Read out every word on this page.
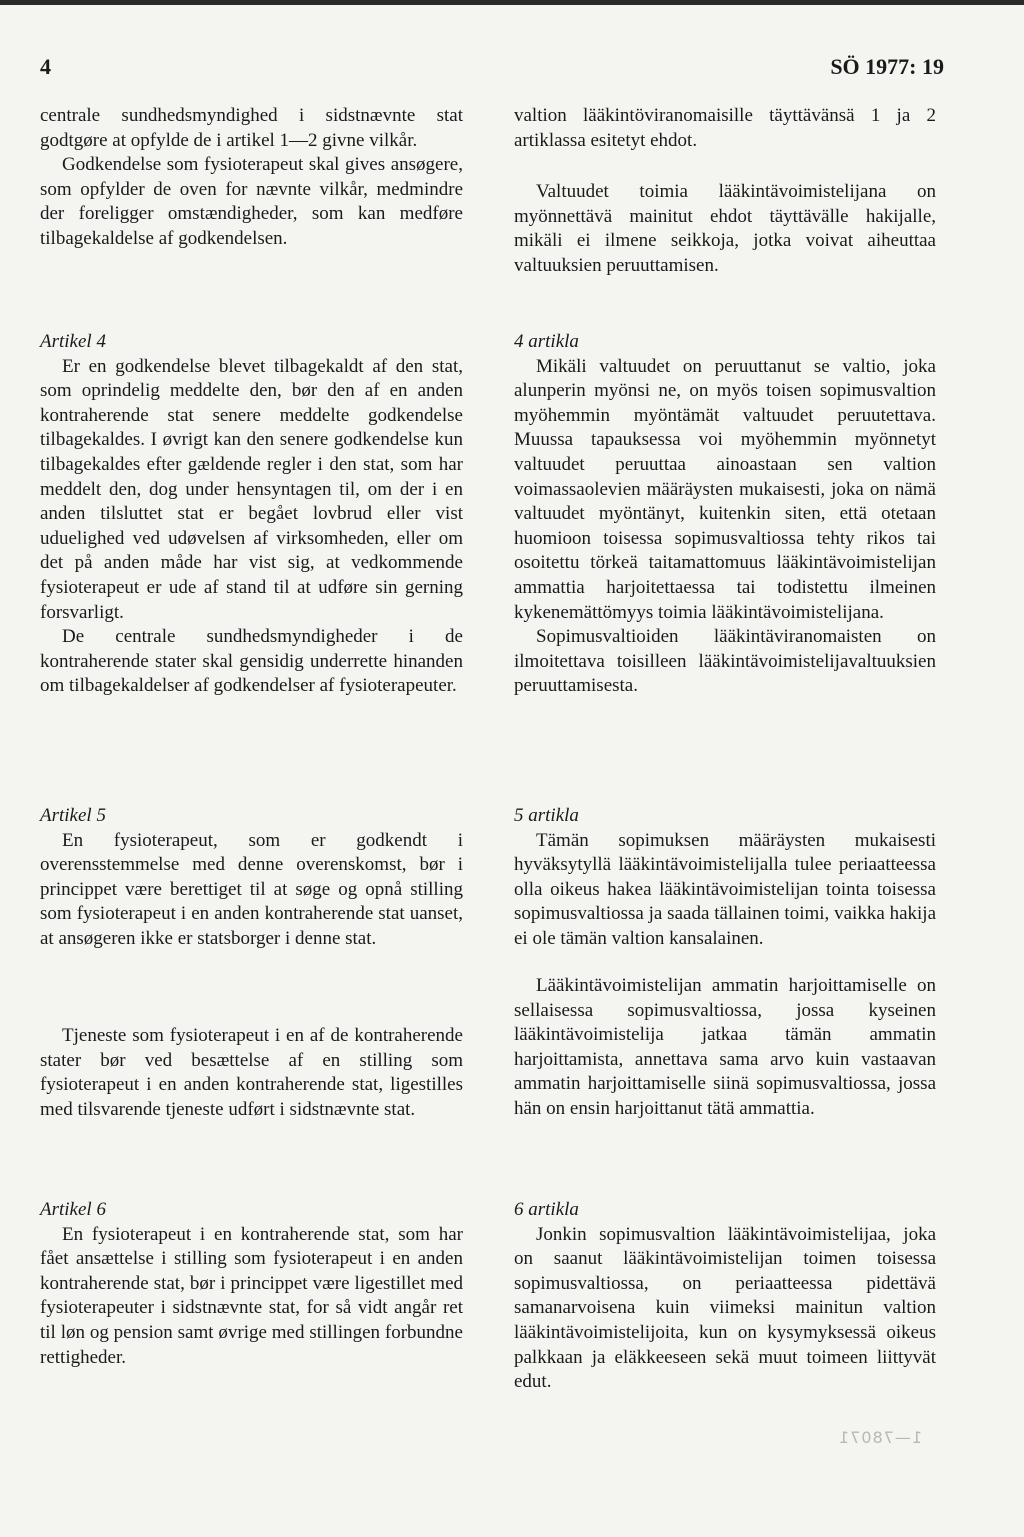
4	SÖ 1977: 19

centrale sundhedsmyndighed i sidstnævnte stat godtgøre at opfylde de i artikel 1—2 givne vilkår.

Godkendelse som fysioterapeut skal gives ansøgere, som opfylder de oven for nævnte vilkår, medmindre der foreligger omstændigheder, som kan medføre tilbagekaldelse af godkendelsen.

Artikel 4

Er en godkendelse blevet tilbagekaldt af den stat, som oprindelig meddelte den, bør den af en anden kontraherende stat senere meddelte godkendelse tilbagekaldes. I øvrigt kan den senere godkendelse kun tilbagekaldes efter gældende regler i den stat, som har meddelt den, dog under hensyntagen til, om der i en anden tilsluttet stat er begået lovbrud eller vist uduelighed ved udøvelsen af virksomheden, eller om det på anden måde har vist sig, at vedkommende fysioterapeut er ude af stand til at udføre sin gerning forsvarligt.

De centrale sundhedsmyndigheder i de kontraherende stater skal gensidig underrette hinanden om tilbagekaldelser af godkendelser af fysioterapeuter.

Artikel 5

En fysioterapeut, som er godkendt i overensstemmelse med denne overenskomst, bør i princippet være berettiget til at søge og opnå stilling som fysioterapeut i en anden kontraherende stat uanset, at ansøgeren ikke er statsborger i denne stat.

Tjeneste som fysioterapeut i en af de kontraherende stater bør ved besættelse af en stilling som fysioterapeut i en anden kontraherende stat, ligestilles med tilsvarende tjeneste udført i sidstnævnte stat.

Artikel 6

En fysioterapeut i en kontraherende stat, som har fået ansættelse i stilling som fysioterapeut i en anden kontraherende stat, bør i princippet være ligestillet med fysioterapeuter i sidstnævnte stat, for så vidt angår ret til løn og pension samt øvrige med stillingen forbundne rettigheder.

valtion lääkintöviranomaisille täyttävänsä 1 ja 2 artiklassa esitetyt ehdot.

Valtuudet toimia lääkintävoimistelijana on myönnettävä mainitut ehdot täyttävälle hakijalle, mikäli ei ilmene seikkoja, jotka voivat aiheuttaa valtuuksien peruuttamisen.

4 artikla

Mikäli valtuudet on peruuttanut se valtio, joka alunperin myönsi ne, on myös toisen sopimusvaltion myöhemmin myöntämät valtuudet peruutettava. Muussa tapauksessa voi myöhemmin myönnetyt valtuudet peruuttaa ainoastaan sen valtion voimassaolevien määräysten mukaisesti, joka on nämä valtuudet myöntänyt, kuitenkin siten, että otetaan huomioon toisessa sopimusvaltiossa tehty rikos tai osoitettu törkeä taitamattomuus lääkintävoimistelijan ammattia harjoitettaessa tai todistettu ilmeinen kykenemättömyys toimia lääkintävoimistelijana.

Sopimusvaltioiden lääkintäviranomaisten on ilmoitettava toisilleen lääkintävoimistelijavaltuuksien peruuttamisesta.

5 artikla

Tämän sopimuksen määräysten mukaisesti hyväksytyllä lääkintävoimistelijalla tulee periaatteessa olla oikeus hakea lääkintävoimistelijan tointa toisessa sopimusvaltiossa ja saada tällainen toimi, vaikka hakija ei ole tämän valtion kansalainen.

Lääkintävoimistelijan ammatin harjoittamiselle on sellaisessa sopimusvaltiossa, jossa kyseinen lääkintävoimistelija jatkaa tämän ammatin harjoittamista, annettava sama arvo kuin vastaavan ammatin harjoittamiselle siinä sopimusvaltiossa, jossa hän on ensin harjoittanut tätä ammattia.

6 artikla

Jonkin sopimusvaltion lääkintävoimistelijaa, joka on saanut lääkintävoimistelijan toimen toisessa sopimusvaltiossa, on periaatteessa pidettävä samanarvoisena kuin viimeksi mainitun valtion lääkintävoimistelijoita, kun on kysymyksessä oikeus palkkaan ja eläkkeeseen sekä muut toimeen liittyvät edut.

1—78071
